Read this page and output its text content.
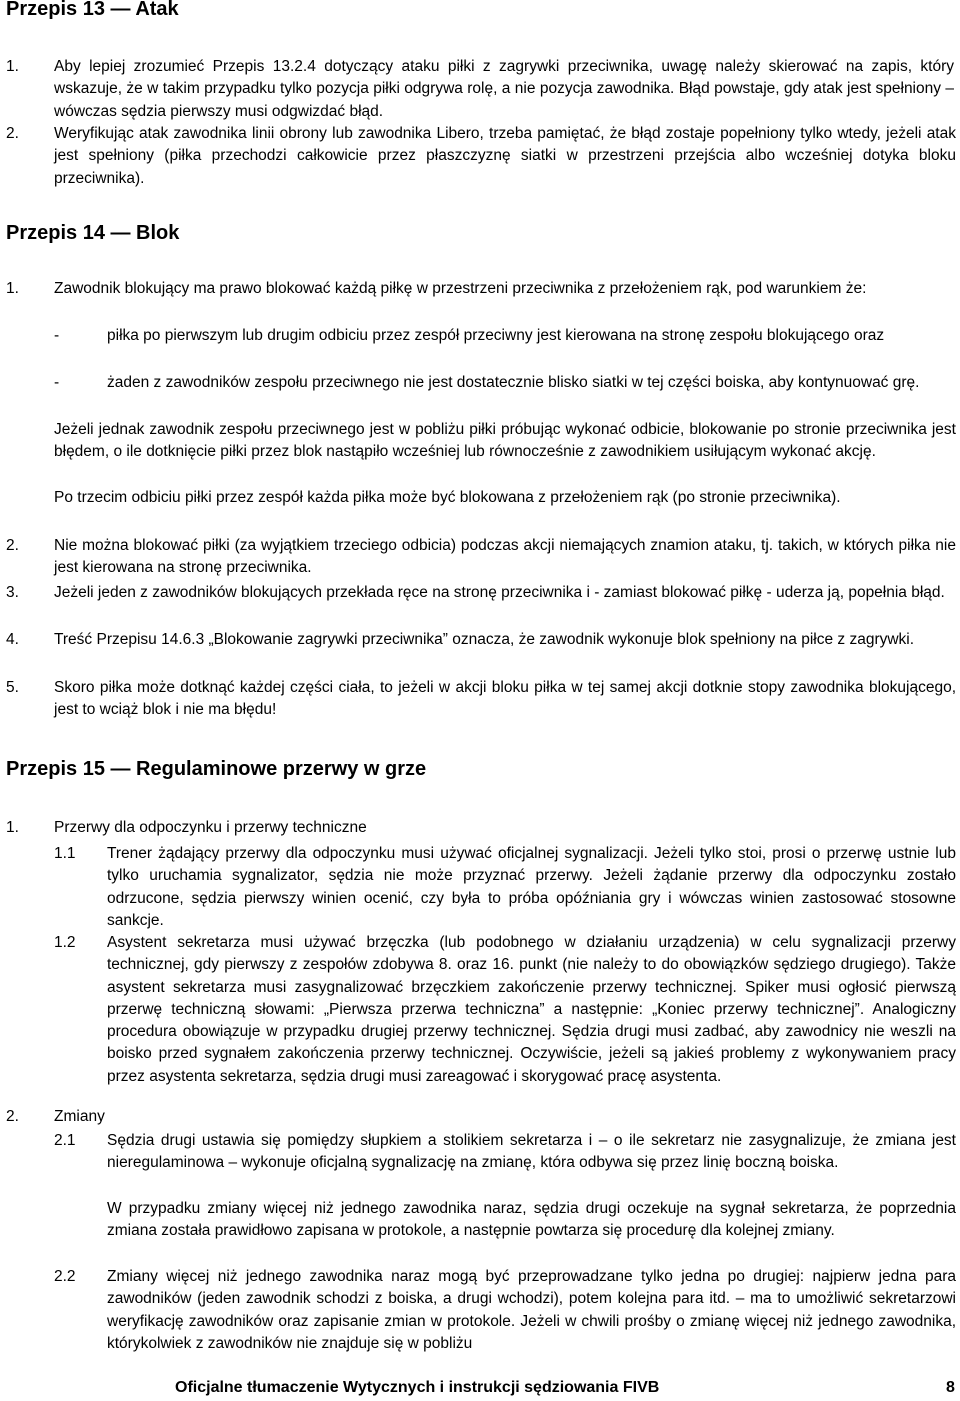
Przepis 13 — Atak
1. Aby lepiej zrozumieć Przepis 13.2.4 dotyczący ataku piłki z zagrywki przeciwnika, uwagę należy skierować na zapis, który wskazuje, że w takim przypadku tylko pozycja piłki odgrywa rolę, a nie pozycja zawodnika. Błąd powstaje, gdy atak jest spełniony – wówczas sędzia pierwszy musi odgwizdać błąd.

2. Weryfikując atak zawodnika linii obrony lub zawodnika Libero, trzeba pamiętać, że błąd zostaje popełniony tylko wtedy, jeżeli atak jest spełniony (piłka przechodzi całkowicie przez płaszczyznę siatki w przestrzeni przejścia albo wcześniej dotyka bloku przeciwnika).

Przepis 14 — Blok
1. Zawodnik blokujący ma prawo blokować każdą piłkę w przestrzeni przeciwnika z przełożeniem rąk, pod warunkiem że:

-	piłka po pierwszym lub drugim odbiciu przez zespół przeciwny jest kierowana na stronę zespołu blokującego oraz

-	żaden z zawodników zespołu przeciwnego nie jest dostatecznie blisko siatki w tej części boiska, aby kontynuować grę.

Jeżeli jednak zawodnik zespołu przeciwnego jest w pobliżu piłki próbując wykonać odbicie, blokowanie po stronie przeciwnika jest błędem, o ile dotknięcie piłki przez blok nastąpiło wcześniej lub równocześnie z zawodnikiem usiłującym wykonać akcję.

Po trzecim odbiciu piłki przez zespół każda piłka może być blokowana z przełożeniem rąk (po stronie przeciwnika).

2. Nie można blokować piłki (za wyjątkiem trzeciego odbicia) podczas akcji niemających znamion ataku, tj. takich, w których piłka nie jest kierowana na stronę przeciwnika.

3. Jeżeli jeden z zawodników blokujących przekłada ręce na stronę przeciwnika i - zamiast blokować piłkę - uderza ją, popełnia błąd.

4. Treść Przepisu 14.6.3 „Blokowanie zagrywki przeciwnika” oznacza, że zawodnik wykonuje blok spełniony na piłce z zagrywki.

5. Skoro piłka może dotknąć każdej części ciała, to jeżeli w akcji bloku piłka w tej samej akcji dotknie stopy zawodnika blokującego, jest to wciąż blok i nie ma błędu!

Przepis 15 — Regulaminowe przerwy w grze
1. Przerwy dla odpoczynku i przerwy techniczne
1.1 Trener żądający przerwy dla odpoczynku musi używać oficjalnej sygnalizacji. Jeżeli tylko stoi, prosi o przerwę ustnie lub tylko uruchamia sygnalizator, sędzia nie może przyznać przerwy. Jeżeli żądanie przerwy dla odpoczynku zostało odrzucone, sędzia pierwszy winien ocenić, czy była to próba opóźniania gry i wówczas winien zastosować stosowne sankcje.

1.2 Asystent sekretarza musi używać brzęczka (lub podobnego w działaniu urządzenia) w celu sygnalizacji przerwy technicznej, gdy pierwszy z zespołów zdobywa 8. oraz 16. punkt (nie należy to do obowiązków sędziego drugiego). Także asystent sekretarza musi zasygnalizować brzęczkiem zakończenie przerwy technicznej. Spiker musi ogłosić pierwszą przerwę techniczną słowami: „Pierwsza przerwa techniczna” a następnie: „Koniec przerwy technicznej”. Analogiczny procedura obowiązuje w przypadku drugiej przerwy technicznej. Sędzia drugi musi zadbać, aby zawodnicy nie weszli na boisko przed sygnałem zakończenia przerwy technicznej. Oczywiście, jeżeli są jakieś problemy z wykonywaniem pracy przez asystenta sekretarza, sędzia drugi musi zareagować i skorygować pracę asystenta.

2. Zmiany
2.1 Sędzia drugi ustawia się pomiędzy słupkiem a stolikiem sekretarza i – o ile sekretarz nie zasygnalizuje, że zmiana jest nieregulaminowa – wykonuje oficjalną sygnalizację na zmianę, która odbywa się przez linię boczną boiska.

W przypadku zmiany więcej niż jednego zawodnika naraz, sędzia drugi oczekuje na sygnał sekretarza, że poprzednia zmiana została prawidłowo zapisana w protokole, a następnie powtarza się procedurę dla kolejnej zmiany.

2.2 Zmiany więcej niż jednego zawodnika naraz mogą być przeprowadzane tylko jedna po drugiej: najpierw jedna para zawodników (jeden zawodnik schodzi z boiska, a drugi wchodzi), potem kolejna para itd. – ma to umożliwić sekretarzowi weryfikację zawodników oraz zapisanie zmian w protokole. Jeżeli w chwili prośby o zmianę więcej niż jednego zawodnika, którykolwiek z zawodników nie znajduje się w pobliżu

Oficjalne tłumaczenie Wytycznych i instrukcji sędziowania FIVB	8
